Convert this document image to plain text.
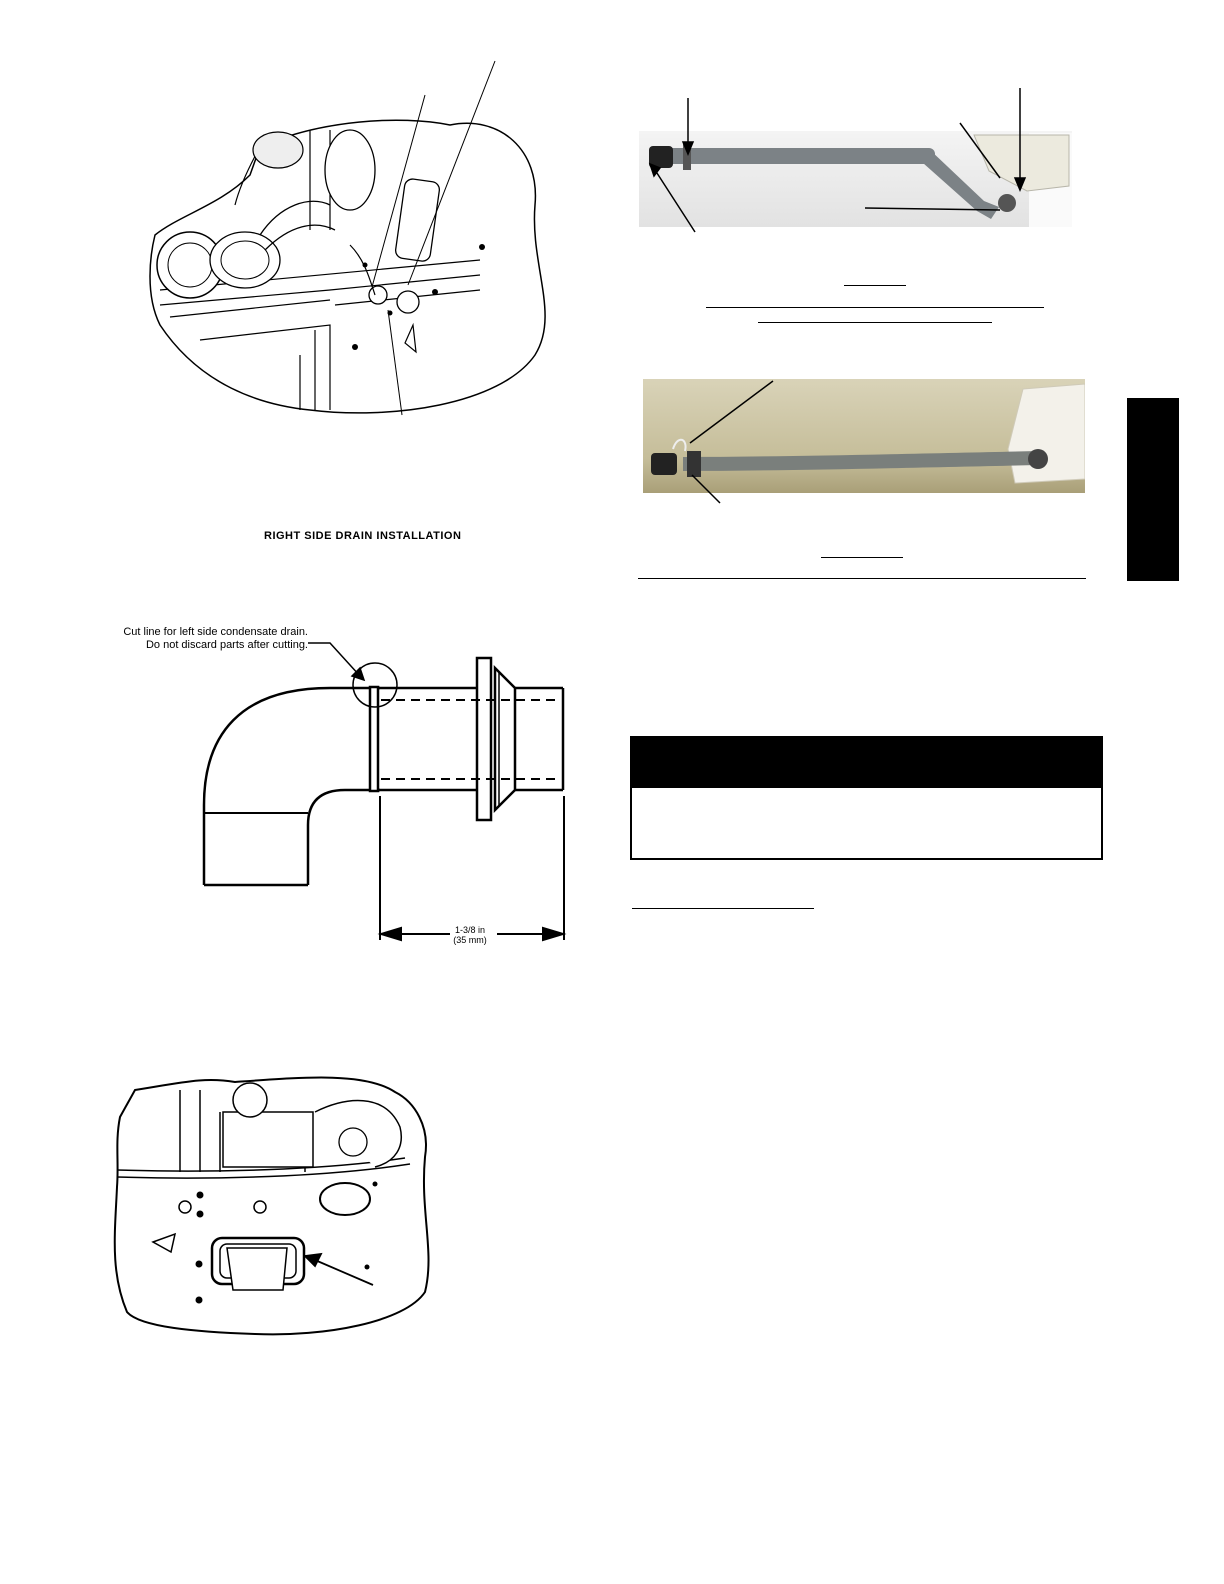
RIGHT SIDE DRAIN INSTALLATION
Cut line for left side condensate drain.
Do not discard parts after cutting.
1-3/8 in
(35 mm)
